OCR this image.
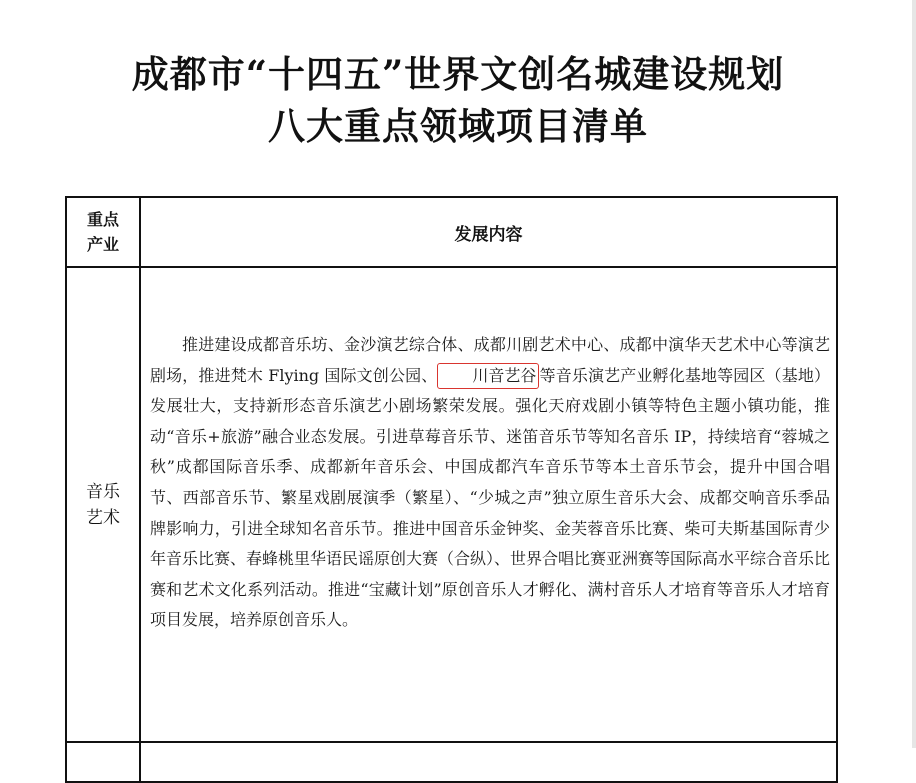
成都市“十四五”世界文创名城建设规划
八大重点领域项目清单
重点
产业	发展内容

音乐
艺术	推进建设成都音乐坊、金沙演艺综合体、成都川剧艺术中心、成都中演华天艺术中心等演艺剧场，推进梵木 Flying 国际文创公园、 川音艺谷 等音乐演艺产业孵化基地等园区（基地）发展壮大，支持新形态音乐演艺小剧场繁荣发展。强化天府戏剧小镇等特色主题小镇功能，推动“音乐+旅游”融合业态发展。引进草莓音乐节、迷笛音乐节等知名音乐 IP，持续培育“蓉城之秋”成都国际音乐季、成都新年音乐会、中国成都汽车音乐节等本土音乐节会，提升中国合唱节、西部音乐节、繁星戏剧展演季（繁星）、“少城之声”独立原生音乐大会、成都交响音乐季品牌影响力，引进全球知名音乐节。推进中国音乐金钟奖、金芙蓉音乐比赛、柴可夫斯基国际青少年音乐比赛、春蜂桃里华语民谣原创大赛（合纵）、世界合唱比赛亚洲赛等国际高水平综合音乐比赛和艺术文化系列活动。推进“宝藏计划”原创音乐人才孵化、满村音乐人才培育等音乐人才培育项目发展，培养原创音乐人。
